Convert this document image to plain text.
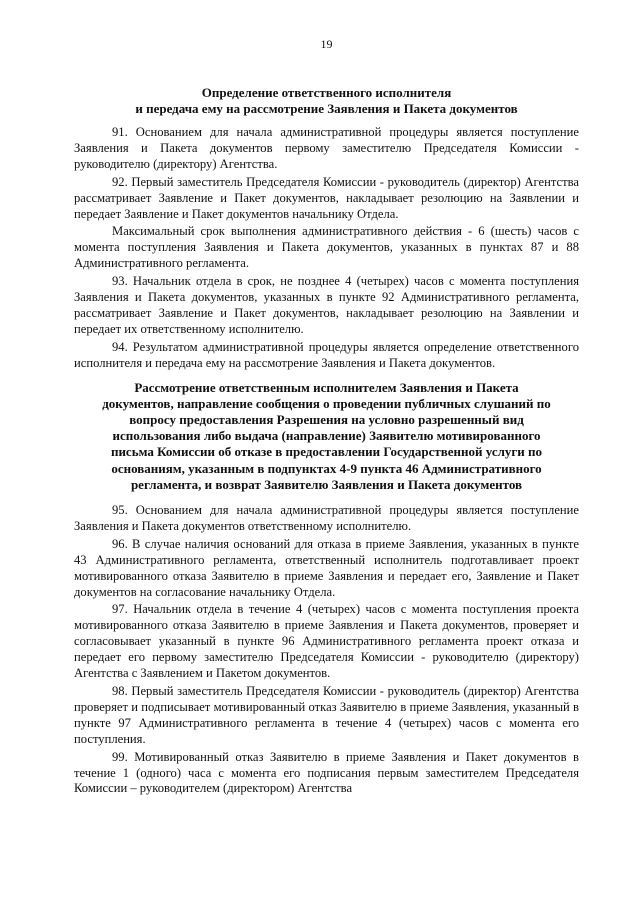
19
Определение ответственного исполнителя
и передача ему на рассмотрение Заявления и Пакета документов

91. Основанием для начала административной процедуры является поступление Заявления и Пакета документов первому заместителю Председателя Комиссии - руководителю (директору) Агентства.

92. Первый заместитель Председателя Комиссии - руководитель (директор) Агентства рассматривает Заявление и Пакет документов, накладывает резолюцию на Заявлении и передает Заявление и Пакет документов начальнику Отдела.

Максимальный срок выполнения административного действия - 6 (шесть) часов с момента поступления Заявления и Пакета документов, указанных в пунктах 87 и 88 Административного регламента.

93. Начальник отдела в срок, не позднее 4 (четырех) часов с момента поступления Заявления и Пакета документов, указанных в пункте 92 Административного регламента, рассматривает Заявление и Пакет документов, накладывает резолюцию на Заявлении и передает их ответственному исполнителю.

94. Результатом административной процедуры является определение ответственного исполнителя и передача ему на рассмотрение Заявления и Пакета документов.

Рассмотрение ответственным исполнителем Заявления и Пакета
документов, направление сообщения о проведении публичных слушаний по
вопросу предоставления Разрешения на условно разрешенный вид
использования либо выдача (направление) Заявителю мотивированного
письма Комиссии об отказе в предоставлении Государственной услуги по
основаниям, указанным в подпунктах 4-9 пункта 46 Административного
регламента, и возврат Заявителю Заявления и Пакета документов

95. Основанием для начала административной процедуры является поступление Заявления и Пакета документов ответственному исполнителю.

96. В случае наличия оснований для отказа в приеме Заявления, указанных в пункте 43 Административного регламента, ответственный исполнитель подготавливает проект мотивированного отказа Заявителю в приеме Заявления и передает его, Заявление и Пакет документов на согласование начальнику Отдела.

97. Начальник отдела в течение 4 (четырех) часов с момента поступления проекта мотивированного отказа Заявителю в приеме Заявления и Пакета документов, проверяет и согласовывает указанный в пункте 96 Административного регламента проект отказа и передает его первому заместителю Председателя Комиссии - руководителю (директору) Агентства с Заявлением и Пакетом документов.

98. Первый заместитель Председателя Комиссии - руководитель (директор) Агентства проверяет и подписывает мотивированный отказ Заявителю в приеме Заявления, указанный в пункте 97 Административного регламента в течение 4 (четырех) часов с момента его поступления.

99. Мотивированный отказ Заявителю в приеме Заявления и Пакет документов в течение 1 (одного) часа с момента его подписания первым заместителем Председателя Комиссии – руководителем (директором) Агентства
